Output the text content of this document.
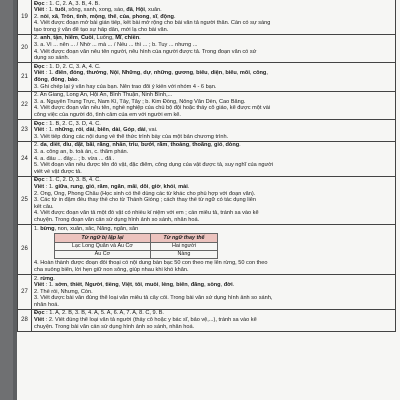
19	
Đọc : 1. C, 2. A, 3. B, 4. B.
Viết : 1. tuổi, sông, xanh, xong, sáo, đã, Hội, xuân.
2. nồi, xã, Trốn, tình, mộng, thể, của, phong, sĩ, động.
4. Viết được đoạn mở bài gián tiếp, kết bài mở rộng cho bài văn tả người thân. Cần có sự sáng
tạo trong ý văn để tạo sự hấp dẫn, mới lạ cho bài văn.

20	
2. anh, tận, hiểm, Cuối, Luống, Mĩ, chiến.
3. a. Vì ... nên ... / Nhờ ... mà ... / Nếu ... thì ... ; b. Tuy ... nhưng ...
4. Viết được đoạn văn nêu tên người, nêu hình của người được tả. Trong đoạn văn có sử
dụng so sánh.

21	
Đọc : 1. D, 2. C, 3. A, 4. C.
Viết : 1. điển, đồng, thưởng, Nội, Những, dự, những, gương, biểu, diện, biểu, mỗi, công,
đồng, đồng, bảo.
3. Ghi chép lại ý văn hay của bạn. Nên trao đổi ý kiến với nhóm 4 - 6 bạn.

22	
2. An Giang, Long An, Hội An, Bình Thuận, Ninh Bình,...
3. a. Nguyễn Trung Trực, Nam Kì, Tây, Tây ; b. Kim Đồng, Nông Văn Dền, Cao Bằng.
4. Viết được đoạn văn nêu tên, nghề nghiệp của chú bộ đội hoặc thầy cô giáo, kể được một vài
công việc của người đó, tình cảm của em với người em kể.

23	
Đọc : 1. B, 2. C, 3. D, 4. C.
Viết : 1. những, rồi, dài, biển, dài, Góp, dài, vai.
3. Viết tiếp đúng các nội dung về thể thức trình bày của một bản chương trình.

24	
2. da, diết, diu, dặt, bãi, răng, nhân, triu, bưởi, rằm, thoảng, thoăng, gió, dòng.
3. a. công an, b. toà án, c. thẩm phán.
4. a. đấu ... đấy... ; b. vừa ... đã .
5. Viết đoạn văn nêu được tên đồ vật, đặc điểm, công dụng của vật được tả, suy nghĩ của người
viết về vật được tả.

25	
Đọc : 1. C, 2. D, 3. B, 4. C.
Viết : 1. giữa, rung, gió, rằm, ngăn, mãi, dõi, giờ, khói, mài.
2. Ông, Ông, Phong Châu (Học sinh có thể dùng các từ khác cho phù hợp với đoạn văn).
3. Các từ in đậm đều thay thế cho từ Thánh Gióng ; cách thay thế từ ngữ có tác dụng liên
kết câu.
4. Viết được đoạn văn tả một đồ vật có nhiều kỉ niệm với em ; cần miêu tả, tránh sa vào kể
chuyện. Trong đoạn văn cần sử dụng hình ảnh so sánh, nhân hoá.

26	
1. bừng, non, xuân, sắc, Nắng, ngắn, sân
Từ ngữ bị lặp lại	Từ ngữ thay thế
Lạc Long Quân và Âu Cơ	Hai người
Âu Cơ	Nàng
4. Hoàn thành được đoạn đối thoại có nội dung bàn bạc 50 con theo mẹ lên rừng, 50 con theo
cha xuống biển, lời hẹn giữ non sông, giúp nhau khi khó khăn.

27	
2. rừng.
Viết : 1. sớm, thiết, Người, tiếng, Việt, tôi, muối, lẻng, biển, đẳng, sống, đời.
2. Thế rồi, Nhưng, Còn.
3. Viết được bài văn đúng thể loại văn miêu tả cây cối. Trong bài văn sử dụng hình ảnh so sánh,
nhân hoá.

28	
Đọc : 1. A, 2. B, 3. B, 4. A, 5. A, 6. A, 7. A, 8. C, 9. B.
Viết : 2. Viết đúng thể loại văn tả người (thầy cô hoặc y bác sĩ, bảo vệ,...), tránh sa vào kể
chuyện. Trong bài văn cần sử dụng hình ảnh so sánh, nhân hoá.
